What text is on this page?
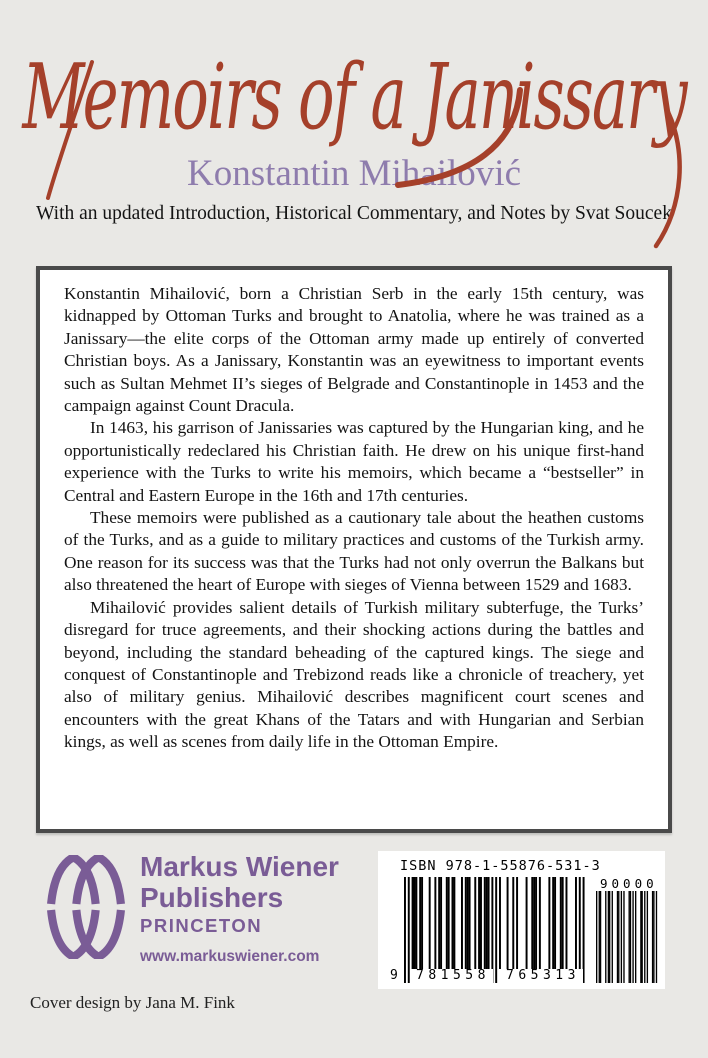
Memoirs of a Janissary
Konstantin Mihailović
With an updated Introduction, Historical Commentary, and Notes by Svat Soucek

Konstantin Mihailović, born a Christian Serb in the early 15th century, was kidnapped by Ottoman Turks and brought to Anatolia, where he was trained as a Janissary—the elite corps of the Ottoman army made up entirely of converted Christian boys. As a Janissary, Konstantin was an eyewitness to important events such as Sultan Mehmet II’s sieges of Belgrade and Constantinople in 1453 and the campaign against Count Dracula.

In 1463, his garrison of Janissaries was captured by the Hungarian king, and he opportunistically redeclared his Christian faith. He drew on his unique first-hand experience with the Turks to write his memoirs, which became a “bestseller” in Central and Eastern Europe in the 16th and 17th centuries.

These memoirs were published as a cautionary tale about the heathen customs of the Turks, and as a guide to military practices and customs of the Turkish army. One reason for its success was that the Turks had not only overrun the Balkans but also threatened the heart of Europe with sieges of Vienna between 1529 and 1683.

Mihailović provides salient details of Turkish military subterfuge, the Turks’ disregard for truce agreements, and their shocking actions during the battles and beyond, including the standard beheading of the captured kings. The siege and conquest of Constantinople and Trebizond reads like a chronicle of treachery, yet also of military genius. Mihailović describes magnificent court scenes and encounters with the great Khans of the Tatars and with Hungarian and Serbian kings, as well as scenes from daily life in the Ottoman Empire.

Markus Wiener
Publishers
PRINCETON
www.markuswiener.com
ISBN 978-1-55876-531-3
90000
9	781558	765313
Cover design by Jana M. Fink
